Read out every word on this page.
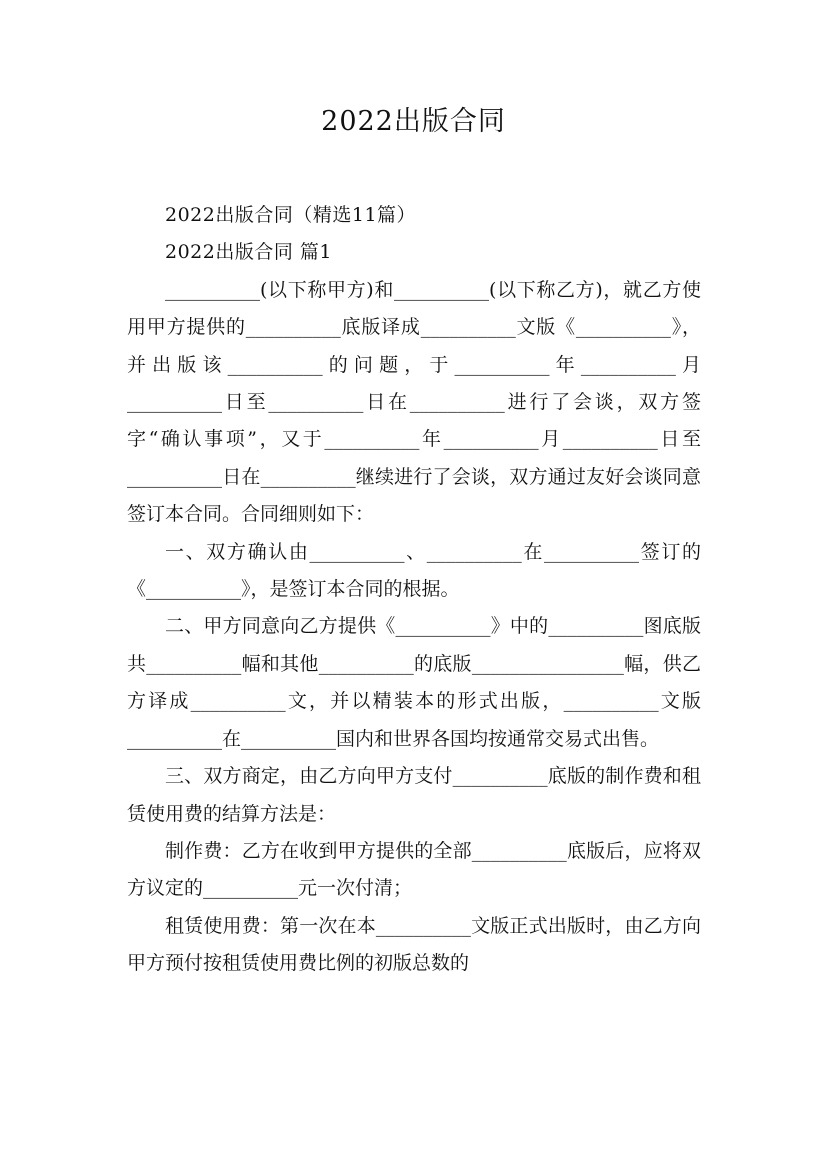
2022出版合同

2022出版合同（精选11篇）

2022出版合同 篇1

__________(以下称甲方)和__________(以下称乙方)，就乙方使用甲方提供的__________底版译成__________文版《__________》，并出版该__________的问题，于__________年__________月__________日至__________日在__________进行了会谈，双方签字“确认事项”，又于__________年__________月__________日至__________日在__________继续进行了会谈，双方通过友好会谈同意签订本合同。合同细则如下：

一、双方确认由__________、__________在__________签订的《__________》，是签订本合同的根据。

二、甲方同意向乙方提供《__________》中的__________图底版共__________幅和其他__________的底版________________幅，供乙方译成__________文，并以精装本的形式出版，__________文版__________在__________国内和世界各国均按通常交易式出售。

三、双方商定，由乙方向甲方支付__________底版的制作费和租赁使用费的结算方法是：

制作费：乙方在收到甲方提供的全部__________底版后，应将双方议定的__________元一次付清；

租赁使用费：第一次在本__________文版正式出版时，由乙方向甲方预付按租赁使用费比例的初版总数的
